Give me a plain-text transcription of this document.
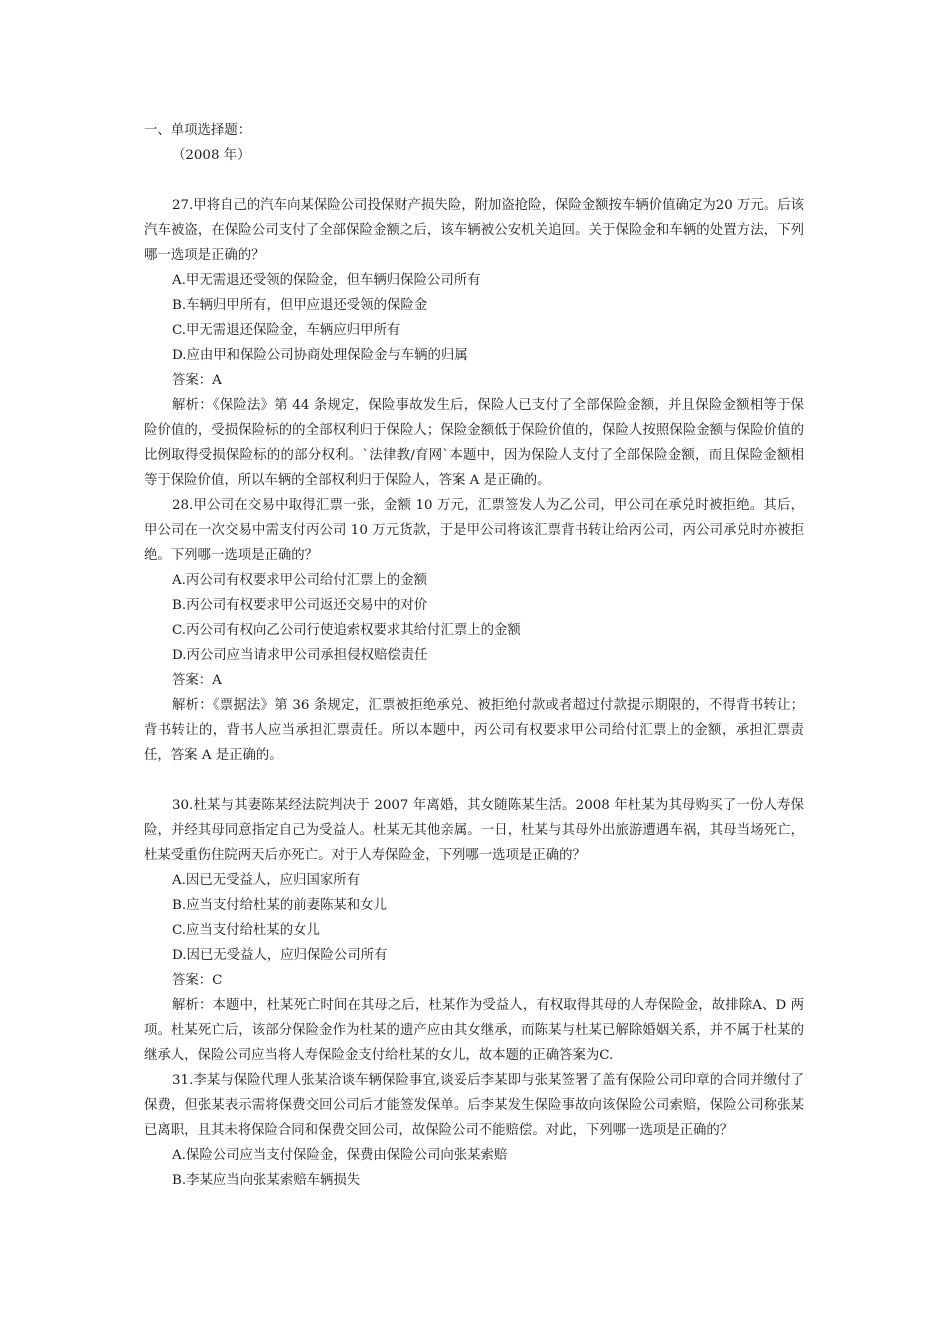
一、单项选择题：
（2008 年）
27.甲将自己的汽车向某保险公司投保财产损失险，附加盗抢险，保险金额按车辆价值确定为20 万元。后该汽车被盗，在保险公司支付了全部保险金额之后，该车辆被公安机关追回。关于保险金和车辆的处置方法，下列哪一选项是正确的？
A.甲无需退还受领的保险金，但车辆归保险公司所有
B.车辆归甲所有，但甲应退还受领的保险金
C.甲无需退还保险金，车辆应归甲所有
D.应由甲和保险公司协商处理保险金与车辆的归属
答案：A
解析：《保险法》第 44 条规定，保险事故发生后，保险人已支付了全部保险金额，并且保险金额相等于保险价值的，受损保险标的的全部权利归于保险人；保险金额低于保险价值的，保险人按照保险金额与保险价值的比例取得受损保险标的的部分权利。`法律教/育网`本题中，因为保险人支付了全部保险金额，而且保险金额相等于保险价值，所以车辆的全部权利归于保险人，答案 A 是正确的。
28.甲公司在交易中取得汇票一张，金额 10 万元，汇票签发人为乙公司，甲公司在承兑时被拒绝。其后，甲公司在一次交易中需支付丙公司 10 万元货款，于是甲公司将该汇票背书转让给丙公司，丙公司承兑时亦被拒绝。下列哪一选项是正确的？
A.丙公司有权要求甲公司给付汇票上的金额
B.丙公司有权要求甲公司返还交易中的对价
C.丙公司有权向乙公司行使追索权要求其给付汇票上的金额
D.丙公司应当请求甲公司承担侵权赔偿责任
答案：A
解析：《票据法》第 36 条规定，汇票被拒绝承兑、被拒绝付款或者超过付款提示期限的，不得背书转让；背书转让的，背书人应当承担汇票责任。所以本题中，丙公司有权要求甲公司给付汇票上的金额，承担汇票责任，答案 A 是正确的。
30.杜某与其妻陈某经法院判决于 2007 年离婚，其女随陈某生活。2008 年杜某为其母购买了一份人寿保险，并经其母同意指定自己为受益人。杜某无其他亲属。一日，杜某与其母外出旅游遭遇车祸，其母当场死亡，杜某受重伤住院两天后亦死亡。对于人寿保险金，下列哪一选项是正确的？
A.因已无受益人，应归国家所有
B.应当支付给杜某的前妻陈某和女儿
C.应当支付给杜某的女儿
D.因已无受益人，应归保险公司所有
答案：C
解析：本题中，杜某死亡时间在其母之后，杜某作为受益人，有权取得其母的人寿保险金，故排除A、D 两项。杜某死亡后，该部分保险金作为杜某的遗产应由其女继承，而陈某与杜某已解除婚姻关系，并不属于杜某的继承人，保险公司应当将人寿保险金支付给杜某的女儿，故本题的正确答案为C.
31.李某与保险代理人张某洽谈车辆保险事宜,谈妥后李某即与张某签署了盖有保险公司印章的合同并缴付了保费，但张某表示需将保费交回公司后才能签发保单。后李某发生保险事故向该保险公司索赔，保险公司称张某已离职，且其未将保险合同和保费交回公司，故保险公司不能赔偿。对此，下列哪一选项是正确的？
A.保险公司应当支付保险金，保费由保险公司向张某索赔
B.李某应当向张某索赔车辆损失
